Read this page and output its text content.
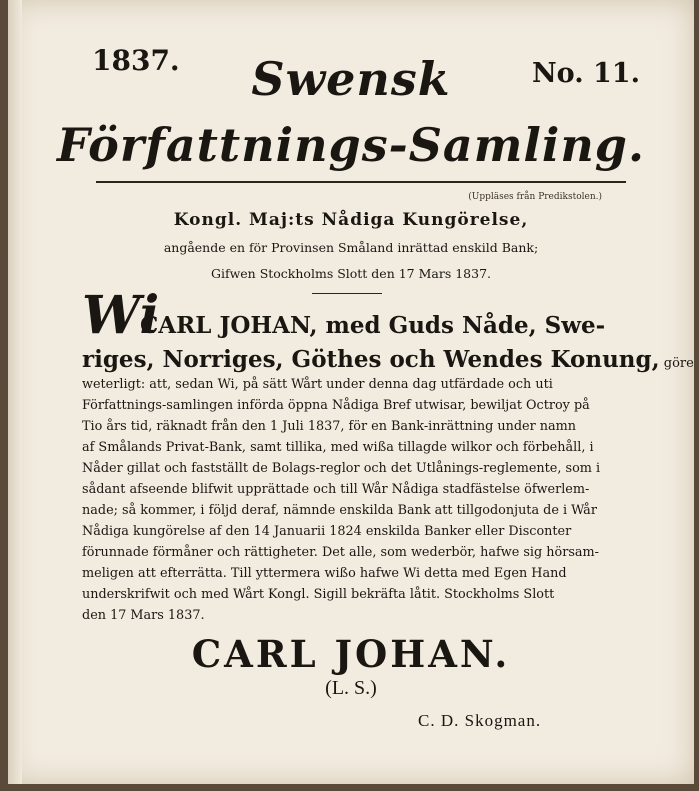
1837.	Swensk	No. 11.
Författnings-Samling.
(Uppläses från Predikstolen.)
Kongl. Maj:ts Nådiga Kungörelse,
angående en för Provinsen Småland inrättad enskild Bank;
Gifwen Stockholms Slott den 17 Mars 1837.
Wi
CARL JOHAN, med Guds Nåde, Swe-
riges, Norriges, Göthes och Wendes Konung, göre
weterligt: att, sedan Wi, på sätt Wårt under denna dag utfärdade och uti
Författnings-samlingen införda öppna Nådiga Bref utwisar, bewiljat Octroy på
Tio års tid, räknadt från den 1 Juli 1837, för en Bank-inrättning under namn
af Smålands Privat-Bank, samt tillika, med wißa tillagde wilkor och förbehåll, i
Nåder gillat och fastställt de Bolags-reglor och det Utlånings-reglemente, som i
sådant afseende blifwit upprättade och till Wår Nådiga stadfästelse öfwerlem-
nade; så kommer, i följd deraf, nämnde enskilda Bank att tillgodonjuta de i Wår
Nådiga kungörelse af den 14 Januarii 1824 enskilda Banker eller Disconter
förunnade förmåner och rättigheter. Det alle, som wederbör, hafwe sig hörsam-
meligen att efterrätta. Till yttermera wißo hafwe Wi detta med Egen Hand
underskrifwit och med Wårt Kongl. Sigill bekräfta låtit. Stockholms Slott
den 17 Mars 1837.
CARL JOHAN.
(L. S.)
C. D. Skogman.
